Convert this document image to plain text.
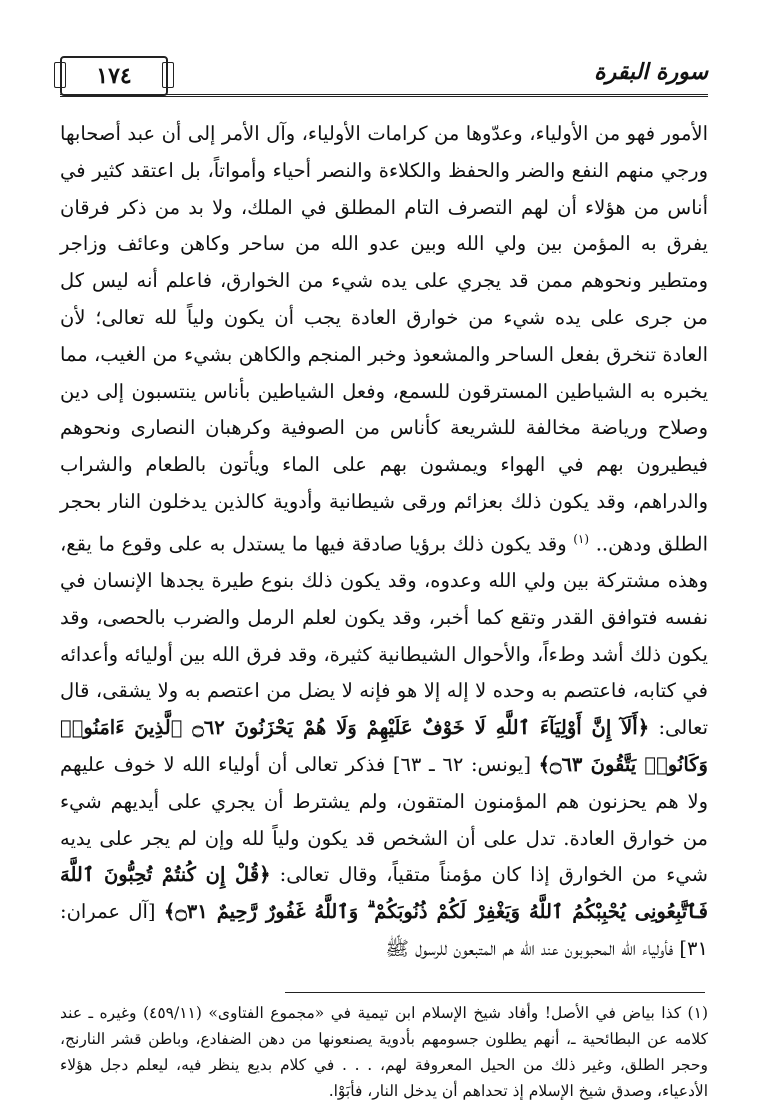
١٧٤	سورة البقرة

الأمور فهو من الأولياء، وعدّوها من كرامات الأولياء، وآل الأمر إلى أن عبد أصحابها ورجي منهم النفع والضر والحفظ والكلاءة والنصر أحياء وأمواتاً، بل اعتقد كثير في أناس من هؤلاء أن لهم التصرف التام المطلق في الملك، ولا بد من ذكر فرقان يفرق به المؤمن بين ولي الله وبين عدو الله من ساحر وكاهن وعائف وزاجر ومتطير ونحوهم ممن قد يجري على يده شيء من الخوارق، فاعلم أنه ليس كل من جرى على يده شيء من خوارق العادة يجب أن يكون ولياً لله تعالى؛ لأن العادة تنخرق بفعل الساحر والمشعوذ وخبر المنجم والكاهن بشيء من الغيب، مما يخبره به الشياطين المسترقون للسمع، وفعل الشياطين بأناس ينتسبون إلى دين وصلاح ورياضة مخالفة للشريعة كأناس من الصوفية وكرهبان النصارى ونحوهم فيطيرون بهم في الهواء ويمشون بهم على الماء ويأتون بالطعام والشراب والدراهم، وقد يكون ذلك بعزائم ورقى شيطانية وأدوية كالذين يدخلون النار بحجر الطلق ودهن.. $^{(١)}$ وقد يكون ذلك برؤيا صادقة فيها ما يستدل به على وقوع ما يقع، وهذه مشتركة بين ولي الله وعدوه، وقد يكون ذلك بنوع طيرة يجدها الإنسان في نفسه فتوافق القدر وتقع كما أخبر، وقد يكون لعلم الرمل والضرب بالحصى، وقد يكون ذلك أشد وطءاً، والأحوال الشيطانية كثيرة، وقد فرق الله بين أوليائه وأعدائه في كتابه، فاعتصم به وحده لا إله إلا هو فإنه لا يضل من اعتصم به ولا يشقى، قال تعالى: ﴿أَلَآ إِنَّ أَوْلِيَآءَ ٱللَّهِ لَا خَوْفٌ عَلَيْهِمْ وَلَا هُمْ يَحْزَنُونَ ۝٦٢ ٱلَّذِينَ ءَامَنُوا۟ وَكَانُوا۟ يَتَّقُونَ ۝٦٣﴾ [يونس: ٦٢ ـ ٦٣] فذكر تعالى أن أولياء الله لا خوف عليهم ولا هم يحزنون هم المؤمنون المتقون، ولم يشترط أن يجري على أيديهم شيء من خوارق العادة. تدل على أن الشخص قد يكون ولياً لله وإن لم يجر على يديه شيء من الخوارق إذا كان مؤمناً متقياً، وقال تعالى: ﴿قُلْ إِن كُنتُمْ تُحِبُّونَ ٱللَّهَ فَٱتَّبِعُونِى يُحْبِبْكُمُ ٱللَّهُ وَيَغْفِرْ لَكُمْ ذُنُوبَكُمْ ۗ وَٱللَّهُ غَفُورٌ رَّحِيمٌ ۝٣١﴾ [آل عمران: ٣١] فأولياء الله المحبوبون عند الله هم المتبعون للرسول ﷺ

(١) كذا بياض في الأصل! وأفاد شيخ الإسلام ابن تيمية في «مجموع الفتاوى» (٤٥٩/١١) وغيره ـ عند كلامه عن البطائحية ـ، أنهم يطلون جسومهم بأدوية يصنعونها من دهن الضفادع، وباطن قشر النارنج، وحجر الطلق، وغير ذلك من الحيل المعروفة لهم، . . . في كلام بديع ينظر فيه، ليعلم دجل هؤلاء الأدعياء، وصدق شيخ الإسلام إذ تحداهم أن يدخل النار، فأبَوْا.
